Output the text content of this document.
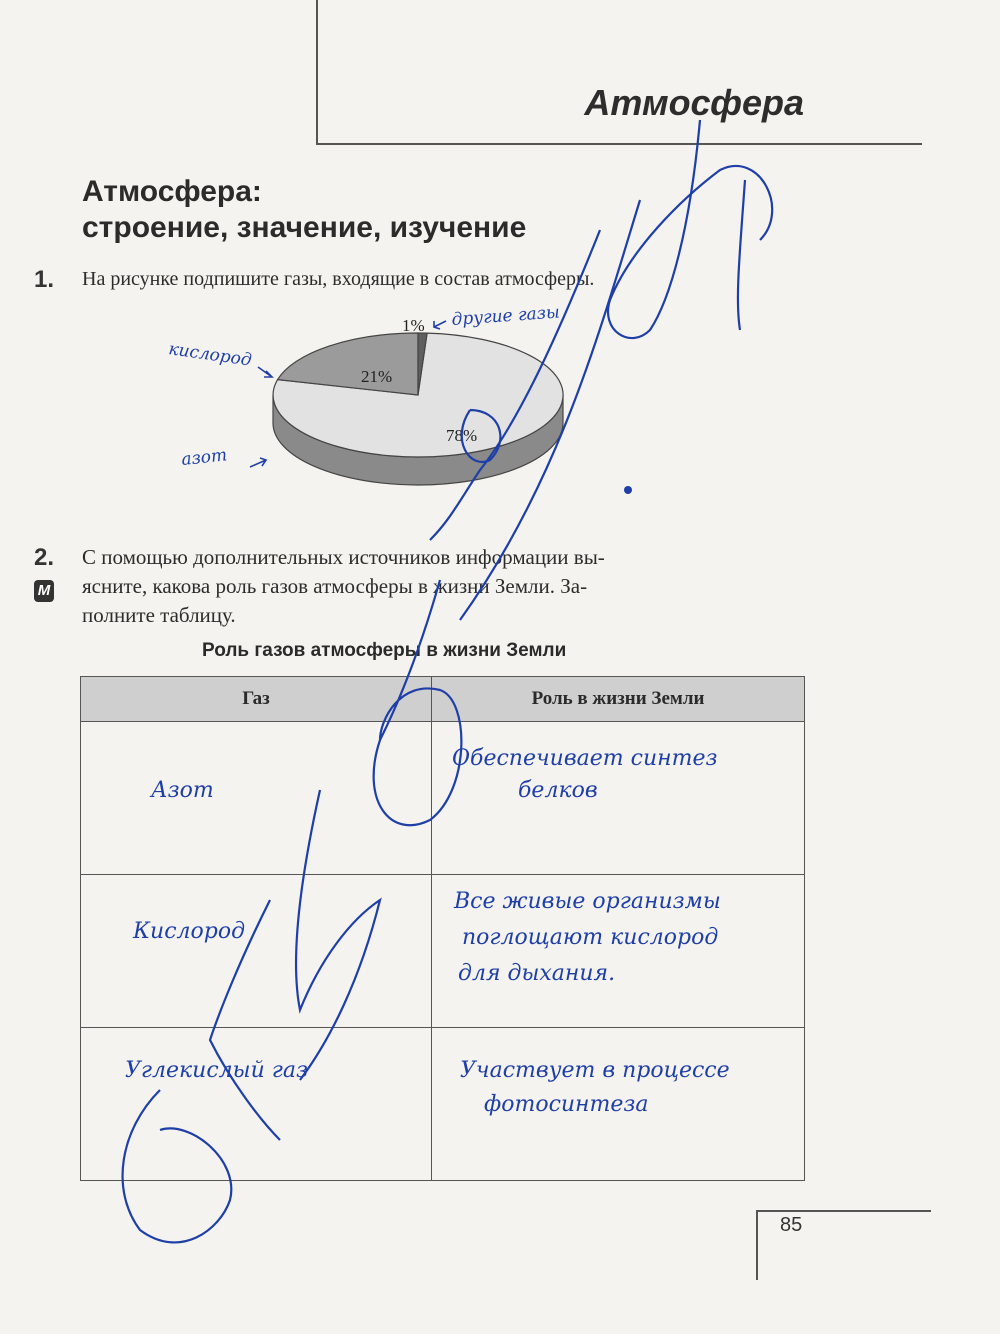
Атмосфера
Атмосфера:
строение, значение, изучение
1. На рисунке подпишите газы, входящие в состав атмосферы.
21%
78%
1%
кислород
азот
другие газы
2.
М
С помощью дополнительных источников информации вы-
ясните, какова роль газов атмосферы в жизни Земли. За-
полните таблицу.
Роль газов атмосферы в жизни Земли
Газ	Роль в жизни Земли

Азот	Обеспечивает синтез
белков

Кислород	Все живые организмы
поглощают кислород
для дыхания.

Углекислый газ	Участвует в процессе
фотосинтеза
85
